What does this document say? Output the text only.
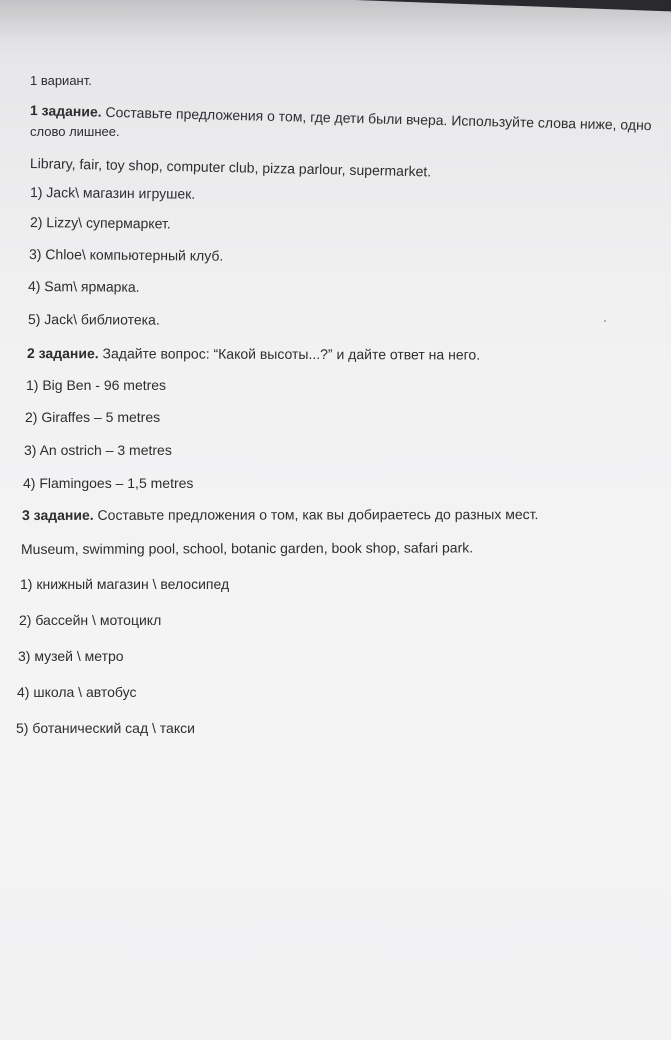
1 вариант.
1 задание. Составьте предложения о том, где дети были вчера. Используйте слова ниже, одно
слово лишнее.
Library, fair, toy shop, computer club, pizza parlour, supermarket.
1) Jack\ магазин игрушек.
2) Lizzy\ супермаркет.
3) Chloe\ компьютерный клуб.
4) Sam\ ярмарка.
5) Jack\ библиотека.
2 задание. Задайте вопрос: “Какой высоты...?” и дайте ответ на него.
1) Big Ben - 96 metres
2) Giraffes – 5 metres
3) An ostrich – 3 metres
4) Flamingoes – 1,5 metres
3 задание. Составьте предложения о том, как вы добираетесь до разных мест.
Museum, swimming pool, school, botanic garden, book shop, safari park.
1) книжный магазин \ велосипед
2) бассейн \ мотоцикл
3) музей \ метро
4) школа \ автобус
5) ботанический сад \ такси
